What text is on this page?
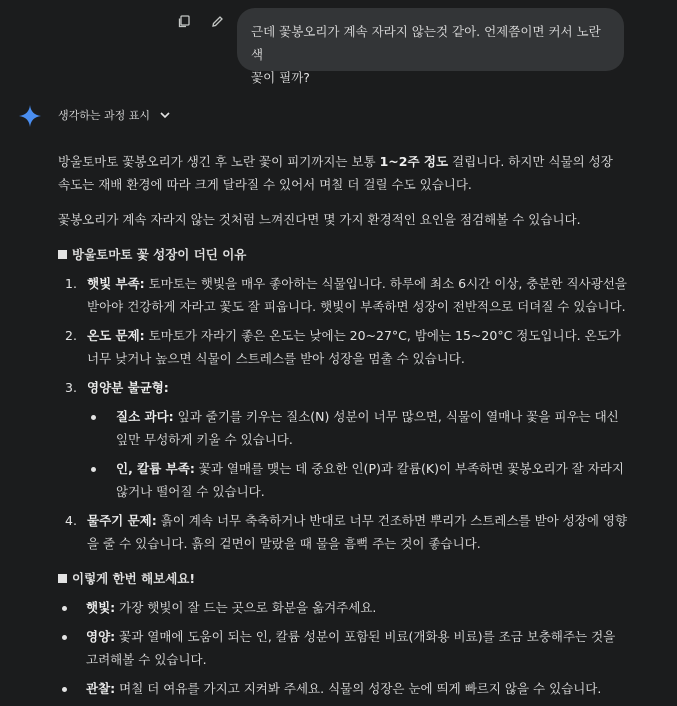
근데 꽃봉오리가 계속 자라지 않는것 같아. 언제쯤이면 커서 노란색
꽃이 필까?
생각하는 과정 표시

방울토마토 꽃봉오리가 생긴 후 노란 꽃이 피기까지는 보통 1~2주 정도 걸립니다. 하지만 식물의 성장 속도는 재배 환경에 따라 크게 달라질 수 있어서 며칠 더 걸릴 수도 있습니다.

꽃봉오리가 계속 자라지 않는 것처럼 느껴진다면 몇 가지 환경적인 요인을 점검해볼 수 있습니다.

방울토마토 꽃 성장이 더딘 이유

1. 햇빛 부족: 토마토는 햇빛을 매우 좋아하는 식물입니다. 하루에 최소 6시간 이상, 충분한 직사광선을 받아야 건강하게 자라고 꽃도 잘 피웁니다. 햇빛이 부족하면 성장이 전반적으로 더뎌질 수 있습니다.
2. 온도 문제: 토마토가 자라기 좋은 온도는 낮에는 20~27°C, 밤에는 15~20°C 정도입니다. 온도가 너무 낮거나 높으면 식물이 스트레스를 받아 성장을 멈출 수 있습니다.
3. 영양분 불균형:
질소 과다: 잎과 줄기를 키우는 질소(N) 성분이 너무 많으면, 식물이 열매나 꽃을 피우는 대신 잎만 무성하게 키울 수 있습니다.
인, 칼륨 부족: 꽃과 열매를 맺는 데 중요한 인(P)과 칼륨(K)이 부족하면 꽃봉오리가 잘 자라지 않거나 떨어질 수 있습니다.
4. 물주기 문제: 흙이 계속 너무 축축하거나 반대로 너무 건조하면 뿌리가 스트레스를 받아 성장에 영향을 줄 수 있습니다. 흙의 겉면이 말랐을 때 물을 흠뻑 주는 것이 좋습니다.

이렇게 한번 해보세요!

햇빛: 가장 햇빛이 잘 드는 곳으로 화분을 옮겨주세요.
영양: 꽃과 열매에 도움이 되는 인, 칼륨 성분이 포함된 비료(개화용 비료)를 조금 보충해주는 것을 고려해볼 수 있습니다.
관찰: 며칠 더 여유를 가지고 지켜봐 주세요. 식물의 성장은 눈에 띄게 빠르지 않을 수 있습니다.
